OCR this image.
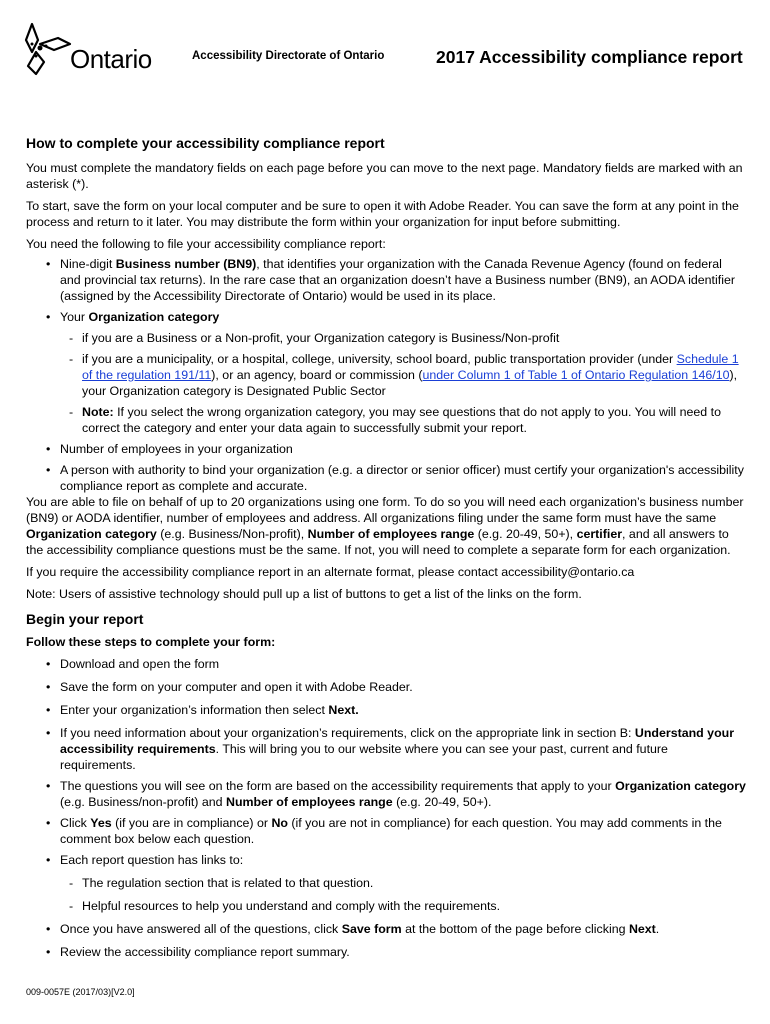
Ontario	Accessibility Directorate of Ontario	2017 Accessibility compliance report
How to complete your accessibility compliance report

You must complete the mandatory fields on each page before you can move to the next page. Mandatory fields are marked with an asterisk (*).

To start, save the form on your local computer and be sure to open it with Adobe Reader. You can save the form at any point in the process and return to it later. You may distribute the form within your organization for input before submitting.

You need the following to file your accessibility compliance report:

• Nine-digit Business number (BN9), that identifies your organization with the Canada Revenue Agency (found on federal and provincial tax returns). In the rare case that an organization doesn’t have a Business number (BN9), an AODA identifier (assigned by the Accessibility Directorate of Ontario) would be used in its place.
• Your Organization category
- if you are a Business or a Non-profit, your Organization category is Business/Non-profit
- if you are a municipality, or a hospital, college, university, school board, public transportation provider (under Schedule 1 of the regulation 191/11), or an agency, board or commission (under Column 1 of Table 1 of Ontario Regulation 146/10), your Organization category is Designated Public Sector
- Note: If you select the wrong organization category, you may see questions that do not apply to you. You will need to correct the category and enter your data again to successfully submit your report.
• Number of employees in your organization
• A person with authority to bind your organization (e.g. a director or senior officer) must certify your organization's accessibility compliance report as complete and accurate.

You are able to file on behalf of up to 20 organizations using one form. To do so you will need each organization’s business number (BN9) or AODA identifier, number of employees and address. All organizations filing under the same form must have the same Organization category (e.g. Business/Non-profit), Number of employees range (e.g. 20-49, 50+), certifier, and all answers to the accessibility compliance questions must be the same. If not, you will need to complete a separate form for each organization.

If you require the accessibility compliance report in an alternate format, please contact accessibility@ontario.ca

Note: Users of assistive technology should pull up a list of buttons to get a list of the links on the form.

Begin your report
Follow these steps to complete your form:
• Download and open the form
• Save the form on your computer and open it with Adobe Reader.
• Enter your organization’s information then select Next.
• If you need information about your organization’s requirements, click on the appropriate link in section B: Understand your accessibility requirements. This will bring you to our website where you can see your past, current and future requirements.
• The questions you will see on the form are based on the accessibility requirements that apply to your Organization category (e.g. Business/non-profit) and Number of employees range (e.g. 20-49, 50+).
• Click Yes (if you are in compliance) or No (if you are not in compliance) for each question. You may add comments in the comment box below each question.
• Each report question has links to:
- The regulation section that is related to that question.
- Helpful resources to help you understand and comply with the requirements.
• Once you have answered all of the questions, click Save form at the bottom of the page before clicking Next.
• Review the accessibility compliance report summary.
009-0057E (2017/03)[V2.0]
